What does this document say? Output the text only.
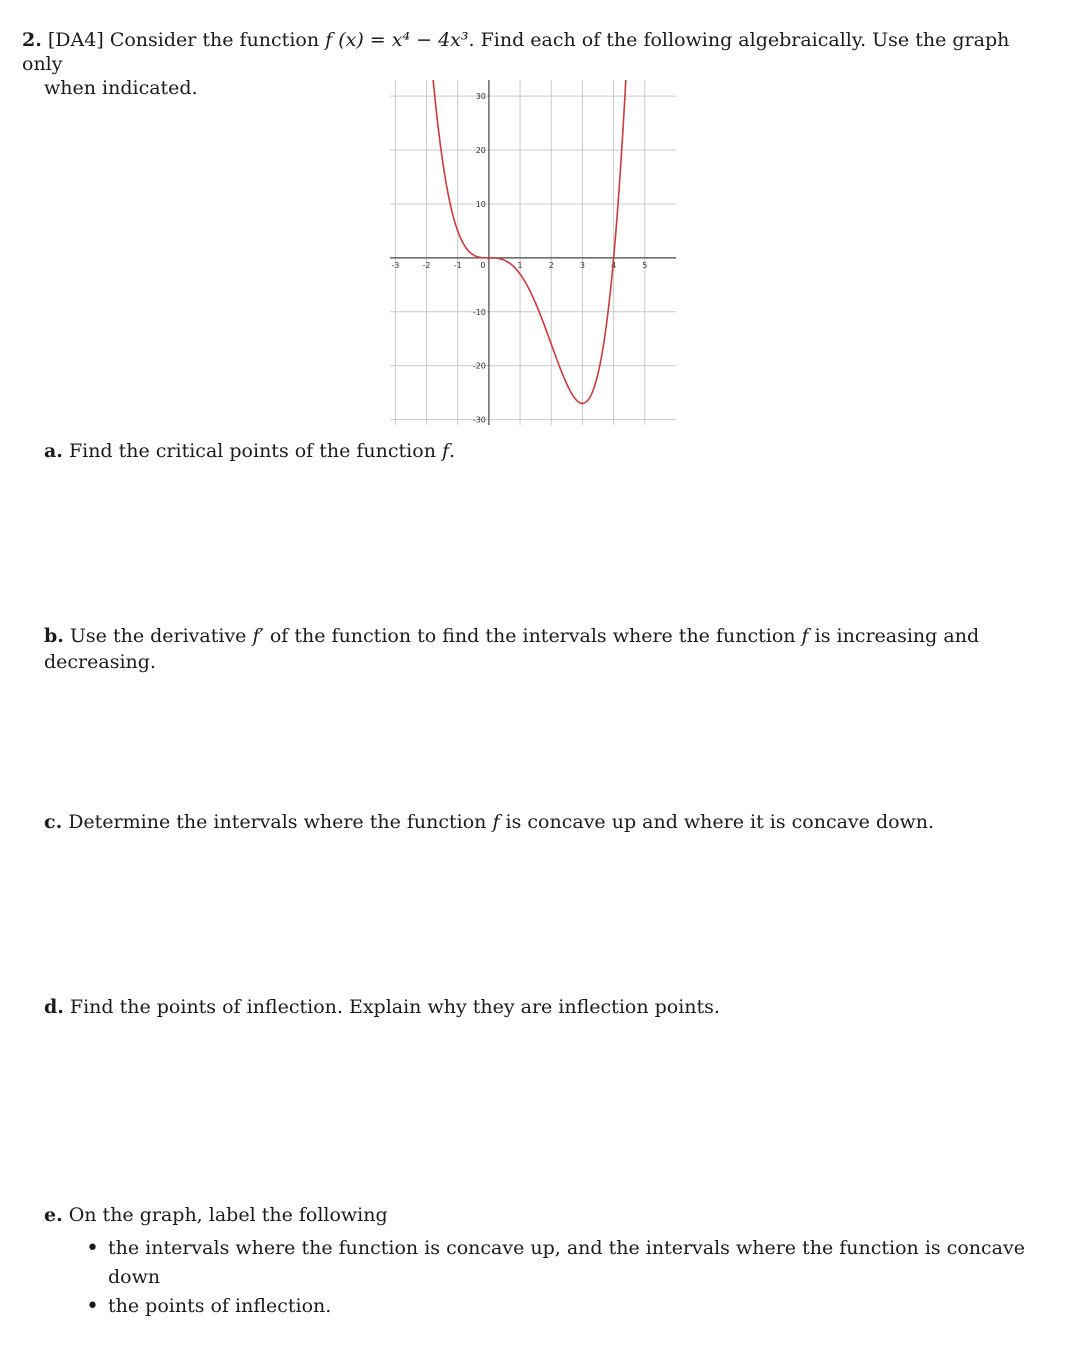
2. [DA4] Consider the function f (x) = x⁴ − 4x³. Find each of the following algebraically. Use the graph only
when indicated.
-3	-2	-1 0	1	2	3	4	5
30
20
10
-10
-20
-30
a. Find the critical points of the function f.
b. Use the derivative f′ of the function to find the intervals where the function f is increasing and decreasing.
c. Determine the intervals where the function f is concave up and where it is concave down.
d. Find the points of inflection. Explain why they are inflection points.
e. On the graph, label the following
• the intervals where the function is concave up, and the intervals where the function is concave down
• the points of inflection.
